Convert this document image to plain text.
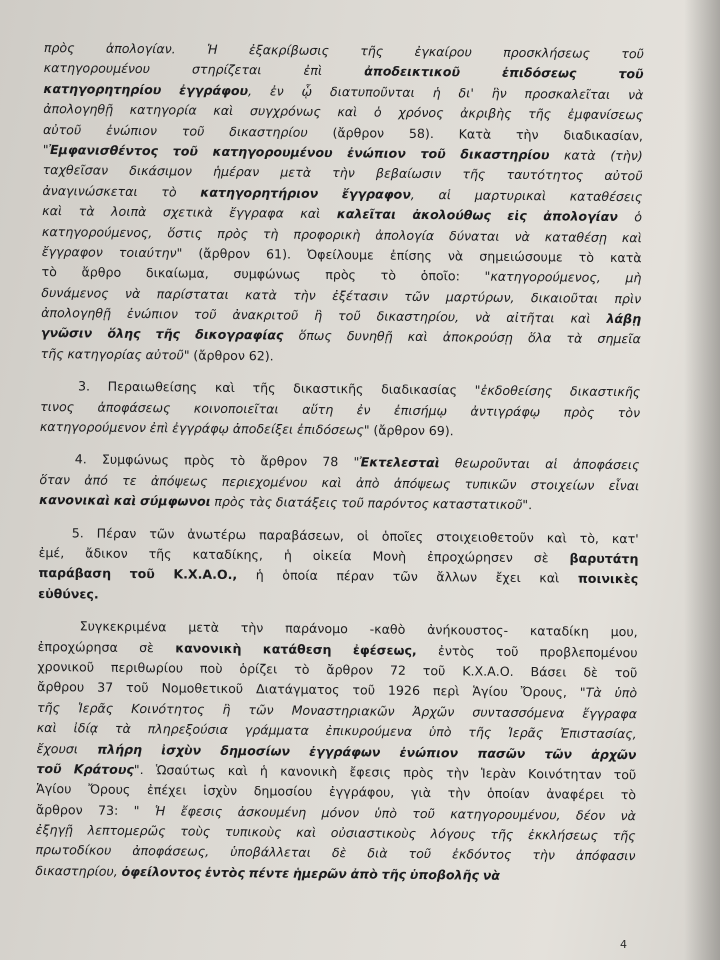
πρὸς ἀπολογίαν. Ἡ ἐξακρίβωσις τῆς ἐγκαίρου προσκλήσεως τοῦ
κατηγορουμένου	στηρίζεται	ἐπὶ	ἀποδεικτικοῦ	ἐπιδόσεως	τοῦ
κατηγορητηρίου ἐγγράφου, ἐν ᾧ διατυποῦνται ἡ δι' ἣν προσκαλεῖται νὰ
ἀπολογηθῇ κατηγορία καὶ συγχρόνως καὶ ὁ χρόνος ἀκριβὴς τῆς ἐμφανίσεως
αὐτοῦ ἐνώπιον τοῦ δικαστηρίου (ἄρθρον 58). Κατὰ τὴν διαδικασίαν,
"Ἐμφανισθέντος τοῦ κατηγορουμένου ἐνώπιον τοῦ δικαστηρίου κατὰ (τὴν)
ταχθεῖσαν δικάσιμον ἡμέραν μετὰ τὴν βεβαίωσιν τῆς ταυτότητος αὐτοῦ
ἀναγινώσκεται τὸ κατηγορητήριον ἔγγραφον, αἱ μαρτυρικαὶ καταθέσεις
καὶ τὰ λοιπὰ σχετικὰ ἔγγραφα καὶ καλεῖται ἀκολούθως εἰς ἀπολογίαν ὁ
κατηγορούμενος, ὅστις πρὸς τὴ προφορικὴ ἀπολογία δύναται νὰ καταθέσῃ καὶ
ἔγγραφον τοιαύτην" (ἄρθρον 61). Ὀφείλουμε ἐπίσης νὰ σημειώσουμε τὸ κατὰ
τὸ ἄρθρο δικαίωμα, συμφώνως πρὸς τὸ ὁποῖο: "κατηγορούμενος, μὴ
δυνάμενος νὰ παρίσταται κατὰ τὴν ἐξέτασιν τῶν μαρτύρων, δικαιοῦται πρὶν
ἀπολογηθῇ ἐνώπιον τοῦ ἀνακριτοῦ ἢ τοῦ δικαστηρίου, νὰ αἰτῆται καὶ λάβῃ
γνῶσιν ὅλης τῆς δικογραφίας ὅπως δυνηθῇ καὶ ἀποκρούσῃ ὅλα τὰ σημεῖα
τῆς κατηγορίας αὐτοῦ" (ἄρθρον 62).

3. Περαιωθείσης καὶ τῆς δικαστικῆς διαδικασίας "ἐκδοθείσης δικαστικῆς
τινος ἀποφάσεως κοινοποιεῖται αὕτη ἐν ἐπισήμῳ ἀντιγράφῳ πρὸς τὸν
κατηγορούμενον ἐπὶ ἐγγράφῳ ἀποδείξει ἐπιδόσεως" (ἄρθρον 69).

4. Συμφώνως πρὸς τὸ ἄρθρον 78 "Ἐκτελεσταὶ θεωροῦνται αἱ ἀποφάσεις
ὅταν ἀπό τε ἀπόψεως περιεχομένου καὶ ἀπὸ ἀπόψεως τυπικῶν στοιχείων εἶναι
κανονικαὶ καὶ σύμφωνοι πρὸς τὰς διατάξεις τοῦ παρόντος καταστατικοῦ".

5. Πέραν τῶν ἀνωτέρω παραβάσεων, οἱ ὁποῖες στοιχειοθετοῦν καὶ τὸ, κατ'
ἐμέ, ἄδικον τῆς καταδίκης, ἡ οἰκεία Μονὴ ἐπροχώρησεν σὲ βαρυτάτη
παράβαση τοῦ Κ.Χ.Α.Ο., ἡ ὁποία πέραν τῶν ἄλλων ἔχει καὶ ποινικὲς
εὐθύνες.

Συγκεκριμένα μετὰ τὴν παράνομο -καθὸ ἀνήκουστος- καταδίκη μου,
ἐπροχώρησα σὲ κανονικὴ κατάθεση ἐφέσεως, ἐντὸς τοῦ προβλεπομένου
χρονικοῦ περιθωρίου ποὺ ὁρίζει τὸ ἄρθρον 72 τοῦ Κ.Χ.Α.Ο. Βάσει δὲ τοῦ
ἄρθρου 37 τοῦ Νομοθετικοῦ Διατάγματος τοῦ 1926 περὶ Ἁγίου Ὄρους, "Τὰ ὑπὸ
τῆς Ἱερᾶς Κοινότητος ἢ τῶν Μοναστηριακῶν Ἀρχῶν συντασσόμενα ἔγγραφα
καὶ ἰδίᾳ τὰ πληρεξούσια γράμματα ἐπικυρούμενα ὑπὸ τῆς Ἱερᾶς Ἐπιστασίας,
ἔχουσι πλήρη ἰσχὺν δημοσίων ἐγγράφων ἐνώπιον πασῶν τῶν ἀρχῶν
τοῦ Κράτους". Ὡσαύτως καὶ ἡ κανονικὴ ἔφεσις πρὸς τὴν Ἱερὰν Κοινότηταν τοῦ
Ἁγίου Ὄρους ἐπέχει ἰσχὺν δημοσίου ἐγγράφου, γιὰ τὴν ὁποίαν ἀναφέρει τὸ
ἄρθρον 73: " Ἡ ἔφεσις ἀσκουμένη μόνον ὑπὸ τοῦ κατηγορουμένου, δέον νὰ
ἐξηγῇ λεπτομερῶς τοὺς τυπικοὺς καὶ οὐσιαστικοὺς λόγους τῆς ἐκκλήσεως τῆς
πρωτοδίκου ἀποφάσεως, ὑποβάλλεται δὲ διὰ τοῦ ἐκδόντος τὴν ἀπόφασιν
δικαστηρίου, ὀφείλοντος ἐντὸς πέντε ἡμερῶν ἀπὸ τῆς ὑποβολῆς νὰ
4
